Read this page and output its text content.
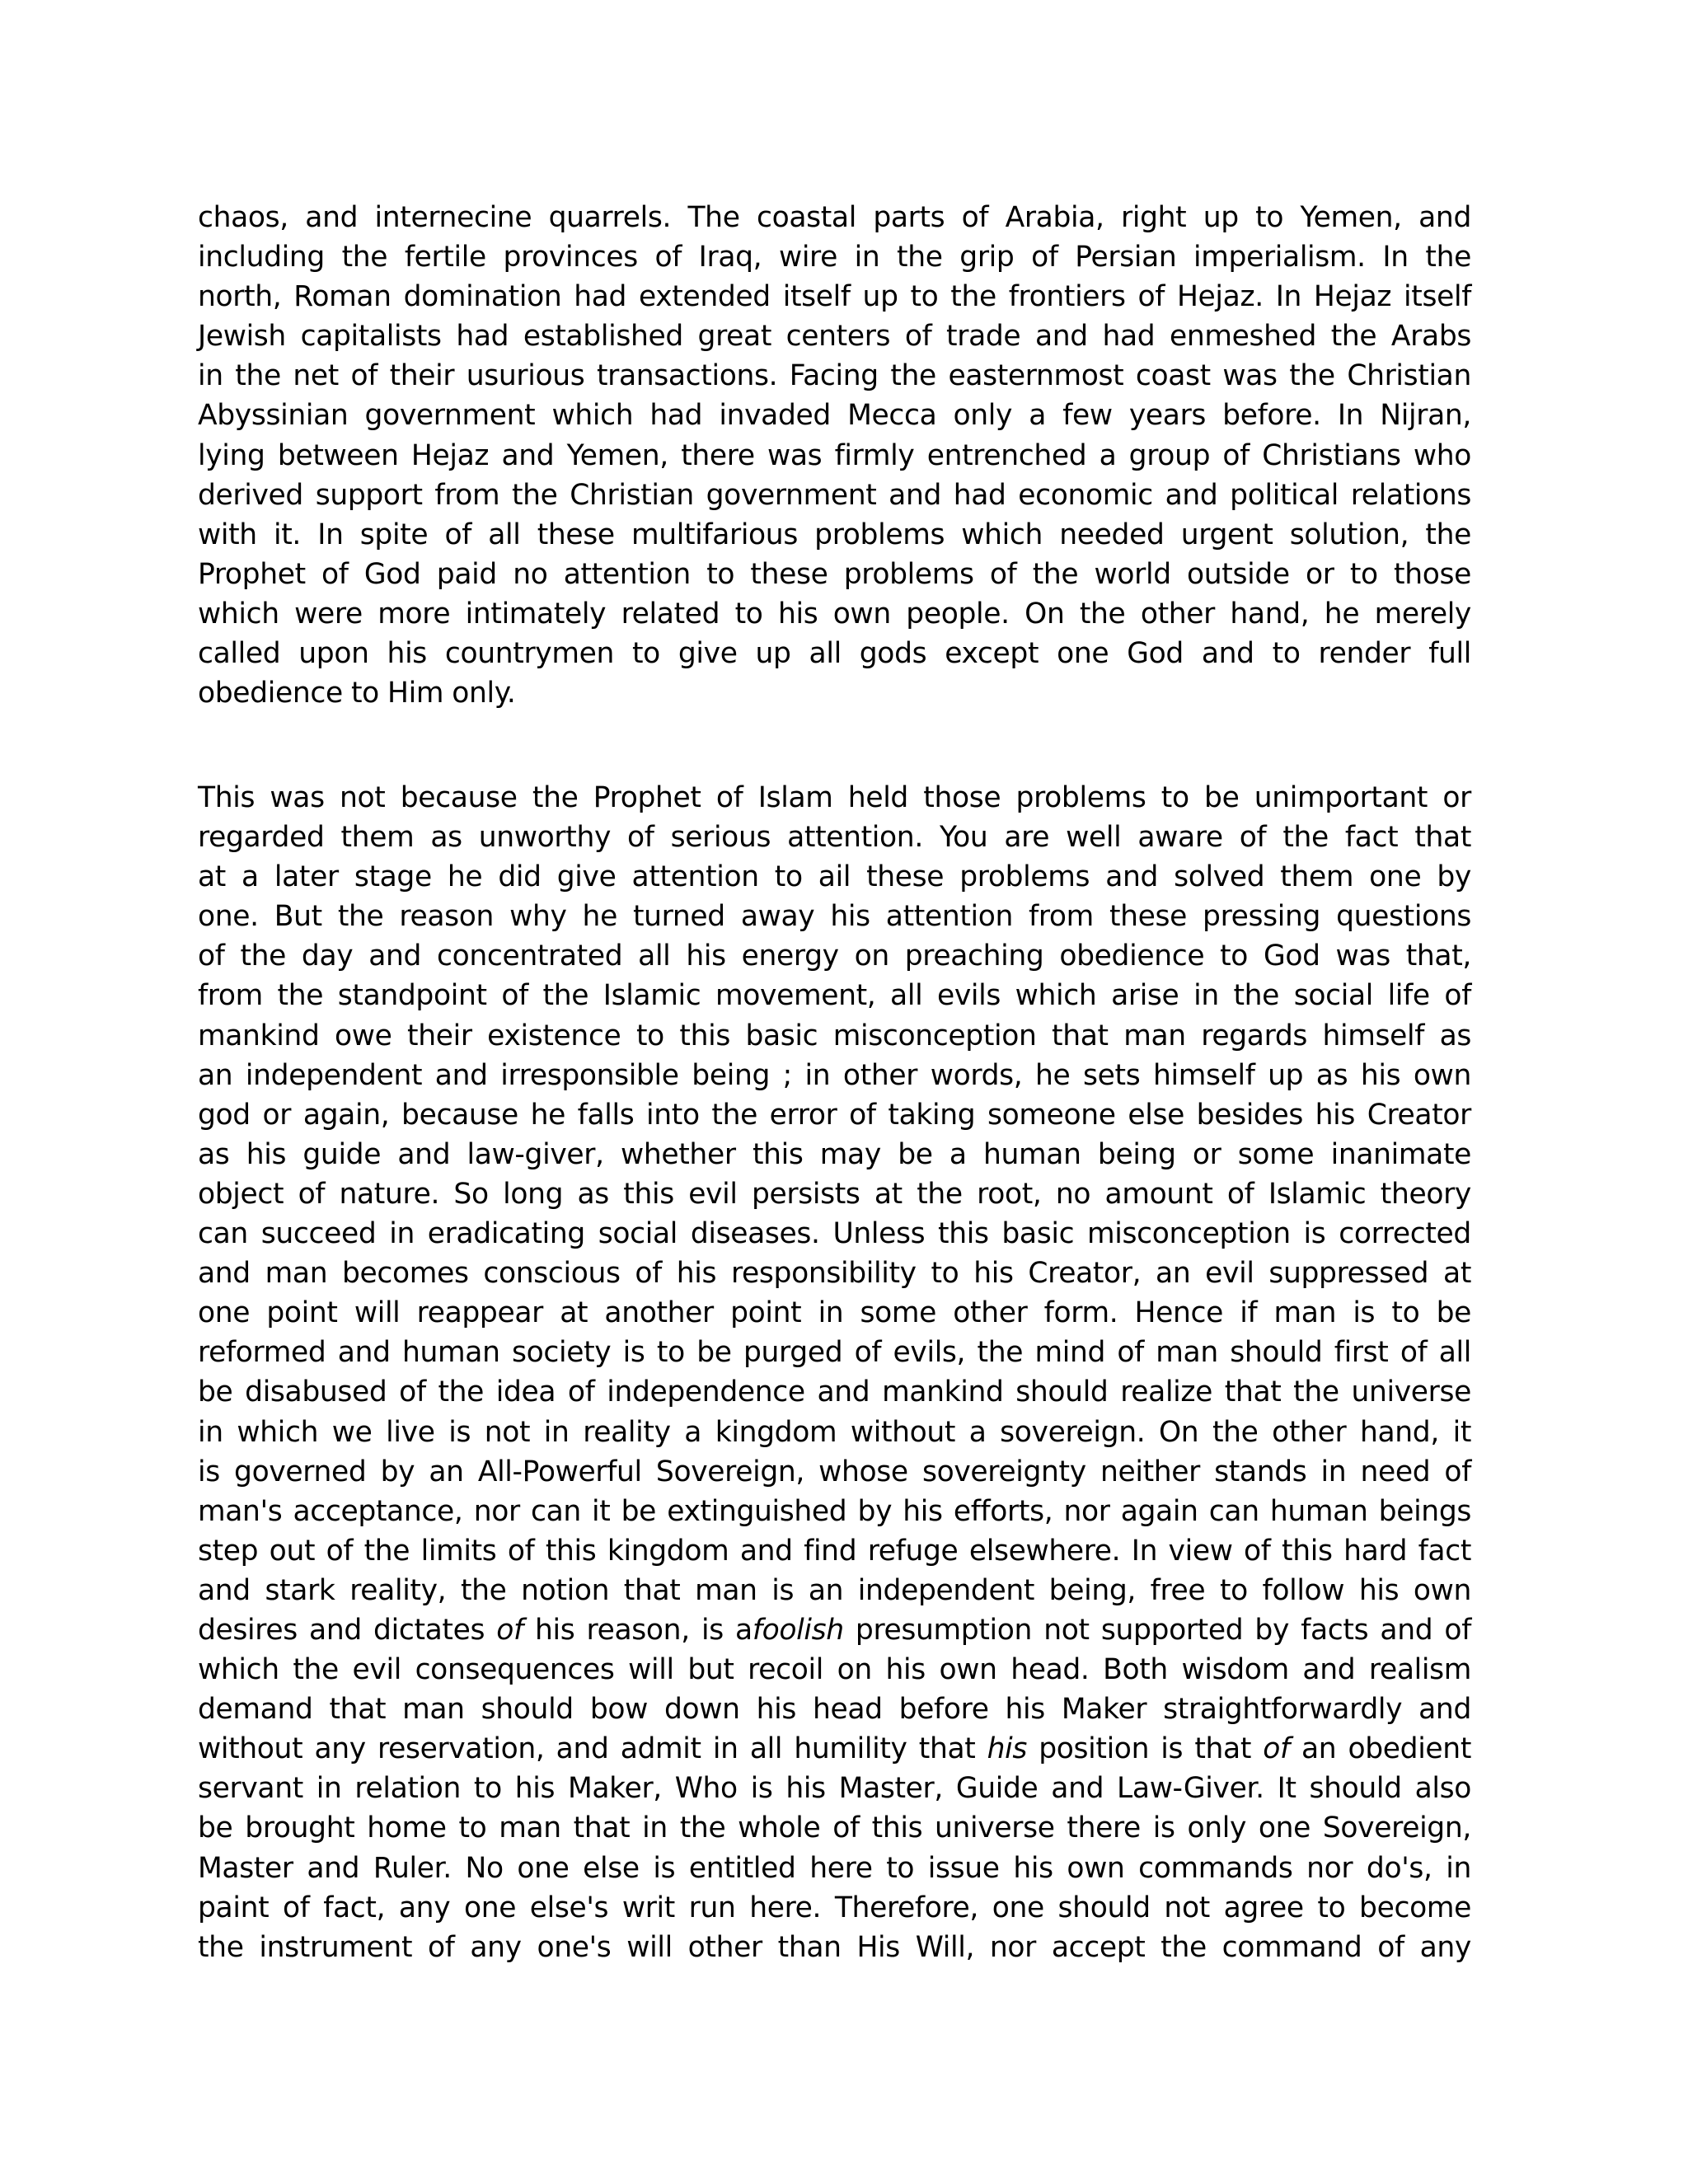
chaos, and internecine quarrels. The coastal parts of Arabia, right up to Yemen, and
including the fertile provinces of Iraq, wire in the grip of Persian imperialism. In the
north, Roman domination had extended itself up to the frontiers of Hejaz. In Hejaz itself
Jewish capitalists had established great centers of trade and had enmeshed the Arabs
in the net of their usurious transactions. Facing the easternmost coast was the Christian
Abyssinian government which had invaded Mecca only a few years before. In Nijran,
lying between Hejaz and Yemen, there was firmly entrenched a group of Christians who
derived support from the Christian government and had economic and political relations
with it. In spite of all these multifarious problems which needed urgent solution, the
Prophet of God paid no attention to these problems of the world outside or to those
which were more intimately related to his own people. On the other hand, he merely
called upon his countrymen to give up all gods except one God and to render full
obedience to Him only.
This was not because the Prophet of Islam held those problems to be unimportant or
regarded them as unworthy of serious attention. You are well aware of the fact that
at a later stage he did give attention to ail these problems and solved them one by
one. But the reason why he turned away his attention from these pressing questions
of the day and concentrated all his energy on preaching obedience to God was that,
from the standpoint of the Islamic movement, all evils which arise in the social life of
mankind owe their existence to this basic misconception that man regards himself as
an independent and irresponsible being ; in other words, he sets himself up as his own
god or again, because he falls into the error of taking someone else besides his Creator
as his guide and law-giver, whether this may be a human being or some inanimate
object of nature. So long as this evil persists at the root, no amount of Islamic theory
can succeed in eradicating social diseases. Unless this basic misconception is corrected
and man becomes conscious of his responsibility to his Creator, an evil suppressed at
one point will reappear at another point in some other form. Hence if man is to be
reformed and human society is to be purged of evils, the mind of man should first of all
be disabused of the idea of independence and mankind should realize that the universe
in which we live is not in reality a kingdom without a sovereign. On the other hand, it
is governed by an All-Powerful Sovereign, whose sovereignty neither stands in need of
man's acceptance, nor can it be extinguished by his efforts, nor again can human beings
step out of the limits of this kingdom and find refuge elsewhere. In view of this hard fact
and stark reality, the notion that man is an independent being, free to follow his own
desires and dictates of his reason, is afoolish presumption not supported by facts and of
which the evil consequences will but recoil on his own head. Both wisdom and realism
demand that man should bow down his head before his Maker straightforwardly and
without any reservation, and admit in all humility that his position is that of an obedient
servant in relation to his Maker, Who is his Master, Guide and Law-Giver. It should also
be brought home to man that in the whole of this universe there is only one Sovereign,
Master and Ruler. No one else is entitled here to issue his own commands nor do's, in
paint of fact, any one else's writ run here. Therefore, one should not agree to become
the instrument of any one's will other than His Will, nor accept the command of any
